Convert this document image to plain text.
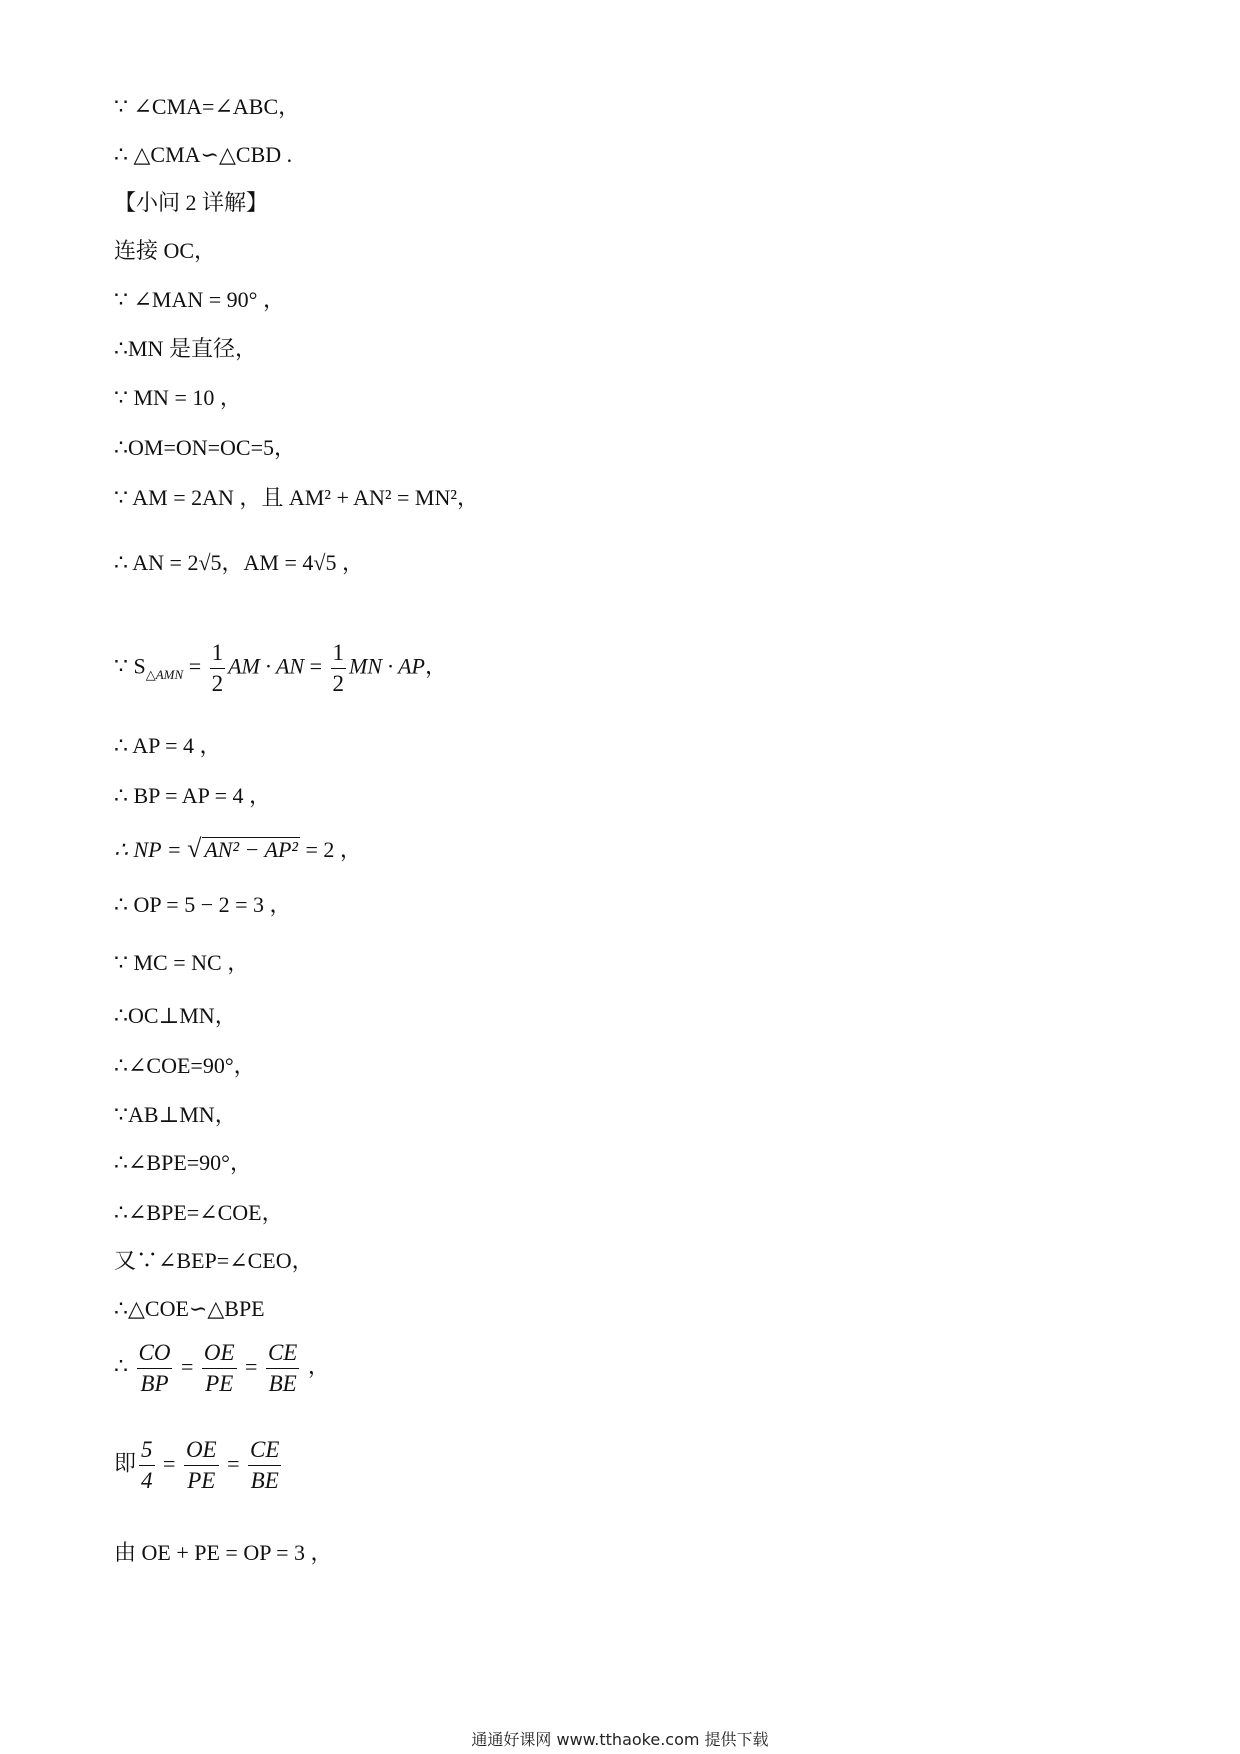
∵ ∠CMA=∠ABC，
∴ △CMA∽△CBD .
【小问 2 详解】
连接 OC，
∵ ∠MAN = 90° ，
∴MN 是直径，
∵ MN = 10 ，
∴OM=ON=OC=5，
∵ AM = 2AN ，且 AM² + AN² = MN²，
∴ AN = 2√5，AM = 4√5 ，
∴ AP = 4 ，
∴ BP = AP = 4 ，
∴ OP = 5 − 2 = 3 ，
∵ MC = NC ，
∴OC⊥MN，
∴∠COE=90°，
∵AB⊥MN，
∴∠BPE=90°，
∴∠BPE=∠COE，
又∵∠BEP=∠CEO，
∴△COE∽△BPE
由 OE + PE = OP = 3 ，
∵ $S_{\triangle AMN} = \frac{1}{2}$ AM · AN = $\frac{1}{2}$ MN · AP，
∴ NP = √ AN² − AP² = 2 ，
∴ $\frac{CO}{BP} = \frac{OE}{PE} = \frac{CE}{BE}$ ，
即 $\frac{5}{4} = \frac{OE}{PE} = \frac{CE}{BE}$
通通好课网 www.tthaoke.com 提供下载
